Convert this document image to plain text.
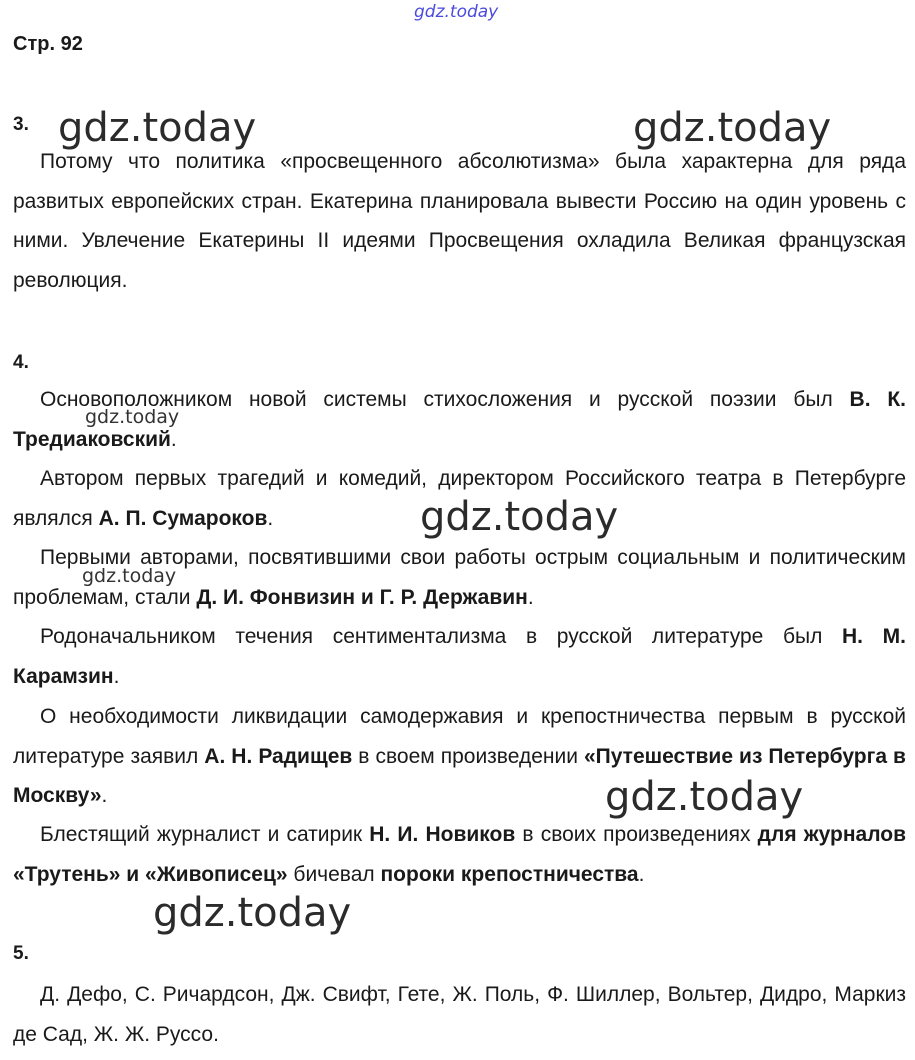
gdz.today
gdz.today	gdz.today
gdz.today
gdz.today
gdz.today
gdz.today
gdz.today
Стр. 92
3.

Потому что политика «просвещенного абсолютизма» была характерна для ряда развитых европейских стран. Екатерина планировала вывести Россию на один уровень с ними. Увлечение Екатерины II идеями Просвещения охладила Великая французская революция.

4.

Основоположником новой системы стихосложения и русской поэзии был В. К. Тредиаковский.

Автором первых трагедий и комедий, директором Российского театра в Петербурге являлся А. П. Сумароков.

Первыми авторами, посвятившими свои работы острым социальным и политическим проблемам, стали Д. И. Фонвизин и Г. Р. Державин.

Родоначальником течения сентиментализма в русской литературе был Н. М. Карамзин.

О необходимости ликвидации самодержавия и крепостничества первым в русской литературе заявил А. Н. Радищев в своем произведении «Путешествие из Петербурга в Москву».

Блестящий журналист и сатирик Н. И. Новиков в своих произведениях для журналов «Трутень» и «Живописец» бичевал пороки крепостничества.

5.

Д. Дефо, С. Ричардсон, Дж. Свифт, Гете, Ж. Поль, Ф. Шиллер, Вольтер, Дидро, Маркиз де Сад, Ж. Ж. Руссо.
